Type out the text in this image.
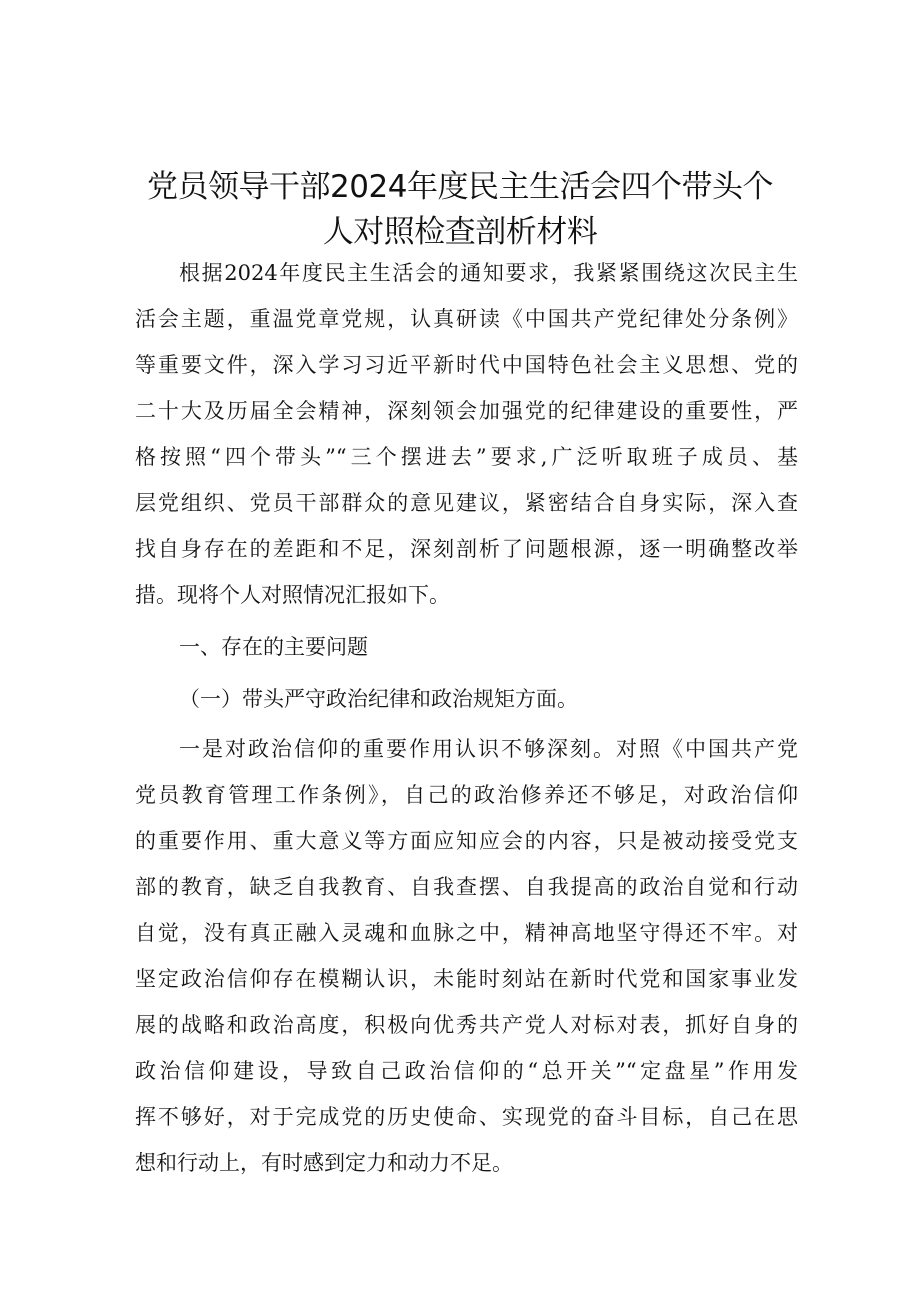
党员领导干部2024年度民主生活会四个带头个
人对照检查剖析材料
根据2024年度民主生活会的通知要求，我紧紧围绕这次民主生
活会主题，重温党章党规，认真研读《中国共产党纪律处分条例》
等重要文件，深入学习习近平新时代中国特色社会主义思想、党的
二十大及历届全会精神，深刻领会加强党的纪律建设的重要性，严
格按照“四个带头”“三个摆进去”要求,广泛听取班子成员、基
层党组织、党员干部群众的意见建议，紧密结合自身实际，深入查
找自身存在的差距和不足，深刻剖析了问题根源，逐一明确整改举
措。现将个人对照情况汇报如下。
一、存在的主要问题
（一）带头严守政治纪律和政治规矩方面。
一是对政治信仰的重要作用认识不够深刻。对照《中国共产党
党员教育管理工作条例》，自己的政治修养还不够足，对政治信仰
的重要作用、重大意义等方面应知应会的内容，只是被动接受党支
部的教育，缺乏自我教育、自我查摆、自我提高的政治自觉和行动
自觉，没有真正融入灵魂和血脉之中，精神高地坚守得还不牢。对
坚定政治信仰存在模糊认识，未能时刻站在新时代党和国家事业发
展的战略和政治高度，积极向优秀共产党人对标对表，抓好自身的
政治信仰建设，导致自己政治信仰的“总开关”“定盘星”作用发
挥不够好，对于完成党的历史使命、实现党的奋斗目标，自己在思
想和行动上，有时感到定力和动力不足。
